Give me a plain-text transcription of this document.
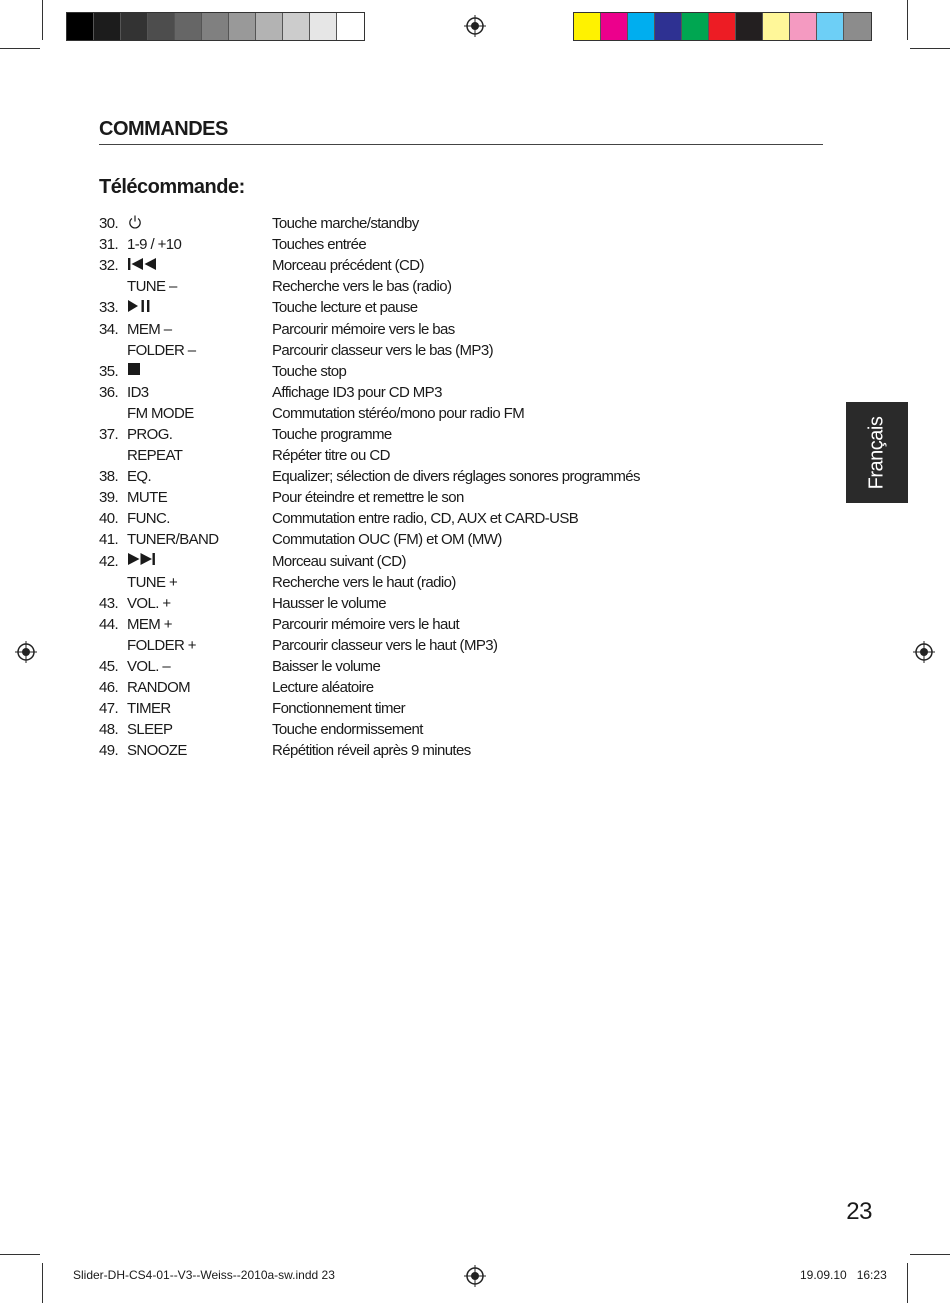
COMMANDES
Télécommande:
30.	Touche marche/standby
31. 1-9 / +10	Touches entrée
32.	Morceau précédent (CD)
TUNE –	Recherche vers le bas (radio)
33.	Touche lecture et pause
34. MEM –	Parcourir mémoire vers le bas
FOLDER –	Parcourir classeur vers le bas (MP3)
35.	Touche stop
36. ID3	Affichage ID3 pour CD MP3
FM MODE	Commutation stéréo/mono pour radio FM
37. PROG.	Touche programme
REPEAT	Répéter titre ou CD
38. EQ.	Equalizer; sélection de divers réglages sonores programmés
39. MUTE	Pour éteindre et remettre le son
40. FUNC.	Commutation entre radio, CD, AUX et CARD-USB
41. TUNER/BAND	Commutation OUC (FM) et OM (MW)
42.	Morceau suivant (CD)
TUNE +	Recherche vers le haut (radio)
43. VOL. +	Hausser le volume
44. MEM +	Parcourir mémoire vers le haut
FOLDER +	Parcourir classeur vers le haut (MP3)
45. VOL. –	Baisser le volume
46. RANDOM	Lecture aléatoire
47. TIMER	Fonctionnement timer
48. SLEEP	Touche endormissement
49. SNOOZE	Répétition réveil après 9 minutes
Français
23
Slider-DH-CS4-01--V3--Weiss--2010a-sw.indd 23	19.09.10   16:23
